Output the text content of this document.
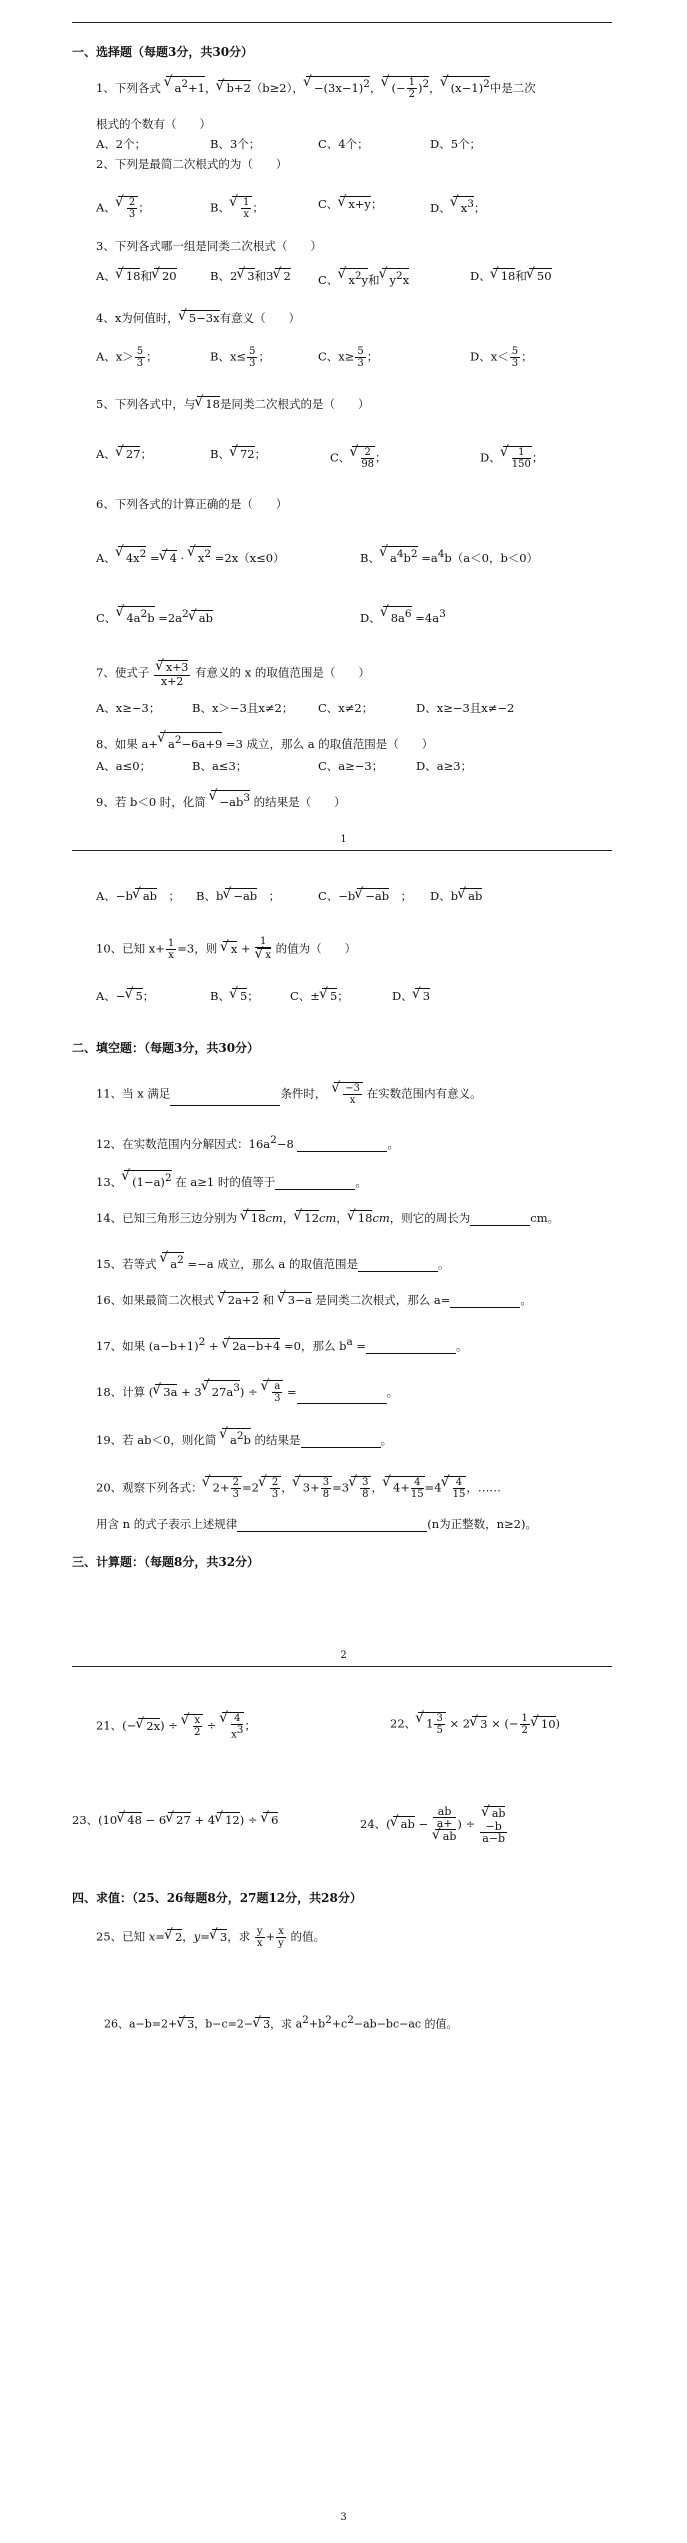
一、选择题（每题3分，共30分）
1、下列各式 √ $a^2+1$，√ b+2（b≥2），√ $-(3x-1)^2$，√ (− $\frac{1}{2} )^2$，√ $(x-1)^2$中是二次
根式的个数有（　　）
A、2个；	B、3个；	C、4个；	D、5个；
2、下列是最简二次根式的为（　　）
A、
√ $\frac{2}{3}$ ；	B、
√ $\frac{1}{x}$ ；	C、√ x+y；	D、√ $x^3$；
3、下列各式哪一组是同类二次根式（　　）
A、√ 18和√ 20	B、2√ 3和3√ 2 C、√ $x^2y$和√ $y^2x$	D、√ 18和√ 50
4、x为何值时，√ 5−3x有意义（　　）
A、$x> \frac{5}{3}$ ；	B、$x\le \frac{5}{3}$ ；	C、$x\ge \frac{5}{3}$ ；	D、$x< \frac{5}{3}$ ；
5、下列各式中，与√ 18是同类二次根式的是（　　）
A、√ 27；	B、√ 72；	C、
√ $\frac{2}{98}$ ；	D、
√ $\frac{1}{150}$ ；
6、下列各式的计算正确的是（　　）
A、√ $4x^2$ =√ 4 · √ $x^2 =2x(x\le 0)$	B、√ $a^4b^2 =a^4b(a<0$，b＜0）
C、√ $4a^2b =2a^2√$ ab	D、√ $8a^6 =4a^3$
7、使式子
√ $\frac{x+3}{x+2}$ 有意义的 x 的取值范围是（　　）
A、x≥−3；	B、x＞−3且x≠2； C、x≠2；	D、x≥−3且x≠−2
8、如果 a+√ $a^2-6a+9 =3$ 成立，那么 a 的取值范围是（　　）
A、a≤0；	B、a≤3；	C、a≥−3；	D、a≥3；
9、若 b＜0 时，化简 √ $-ab^3$ 的结果是（　　）
1
A、−b√ ab　； B、b√ −ab　；	C、−b√ −ab　； D、b√ ab
10、已知 $x+ \frac{1}{x} =3$，则 √ x + 1
√ x 的值为（　　）
A、−√ 5；	B、√ 5；	C、±√ 5；	D、√ 3
二、填空题：（每题3分，共30分）
11、当 x 满足	条件时，　
√ $\frac{-3}{x}$ 在实数范围内有意义。
12、在实数范围内分解因式：$16a^2-8$	。
13、√ $(1-a)^2$ 在 a≥1 时的值等于	。
14、已知三角形三边分别为 √ 18cm，√ 12cm，√ 18cm，则它的周长为	cm。
15、若等式 √ $a^2 =-a$ 成立，那么 a 的取值范围是	。
16、如果最简二次根式 √ 2a+2 和 √ 3−a 是同类二次根式，那么 a=	。
17、如果 $(a-b+1)^2$ + √ 2a−b+4 =0，那么 $b^a$ =	。
18、计算 (√ 3a + 3√ $27a^3$) ÷
√ $\frac{a}{3}$ =	。
19、若 ab＜0，则化简 √ $a^2b$ 的结果是	。
20、观察下列各式：√ $2+ \frac{2}{3} =2$
√ $\frac{2}{3}$ ，√ $3+ \frac{3}{8} =3$
√ $\frac{3}{8}$ ，√ $4+ \frac{4}{15} =4$
√ $\frac{4}{15}$ ，……
用含 n 的式子表示上述规律	(n为正整数，n≥2)。
三、计算题：（每题8分，共32分）
2
21、(−√ 2x) ÷
√ $\frac{x}{2}$ ÷
√ $\frac{4}{x^3}$ ；	22、√ $1 \frac{3}{5} \times 2√$ 3 × (− $\frac{1}{2}$
√ 10)
23、(10√ 48 − 6√ 27 + 4√ 12) ÷ √ 6	24、(√ ab − ab
a+
√ ab ) ÷
√ ab
−b
a−b
四、求值：（25、26每题8分，27题12分，共28分）
25、已知 x=√ 2，y=√ 3，求 $\frac{y}{x} + \frac{x}{y}$ 的值。
26、a−b=2+√ 3，b−c=2−√ 3，求 $a^2+b^2+c^2-ab-bc-ac$ 的值。
3
